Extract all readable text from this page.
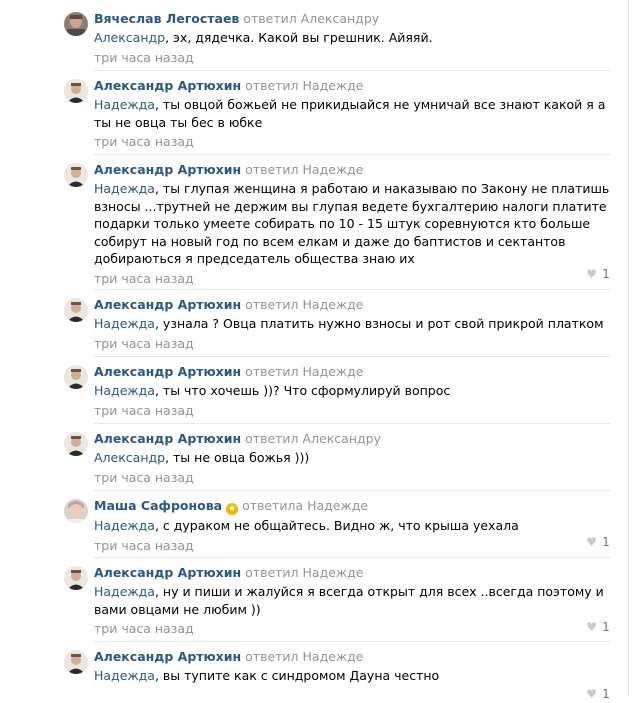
Вячеслав Легостаев ответил Александру
Александр, эх, дядечка. Какой вы грешник. Айяяй.
три часа назад
Александр Артюхин ответил Надежде
Надежда, ты овцой божьей не прикидыайся не умничай все знают какой я а ты не овца ты бес в юбке
три часа назад
Александр Артюхин ответил Надежде
Надежда, ты глупая женщина я работаю и наказываю по Закону не платишь взносы ...трутней не держим вы глупая ведете бухгалтерию налоги платите подарки только умеете собирать по 10 - 15 штук соревнуются кто больше собирут на новый год по всем елкам и даже до баптистов и сектантов добираються я председатель общества знаю их
три часа назад	♥ 1
Александр Артюхин ответил Надежде
Надежда, узнала ? Овца платить нужно взносы и рот свой прикрой платком
три часа назад
Александр Артюхин ответил Надежде
Надежда, ты что хочешь ))? Что сформулируй вопрос
три часа назад
Александр Артюхин ответил Александру
Александр, ты не овца божья )))
три часа назад
Маша Сафронова ★ ответила Надежде
Надежда, с дураком не общайтесь. Видно ж, что крыша уехала
три часа назад	♥ 1
Александр Артюхин ответил Надежде
Надежда, ну и пиши и жалуйся я всегда открыт для всех ..всегда поэтому и вами овцами не любим ))
три часа назад	♥ 1
Александр Артюхин ответил Надежде
Надежда, вы тупите как с синдромом Дауна честно
♥ 1
